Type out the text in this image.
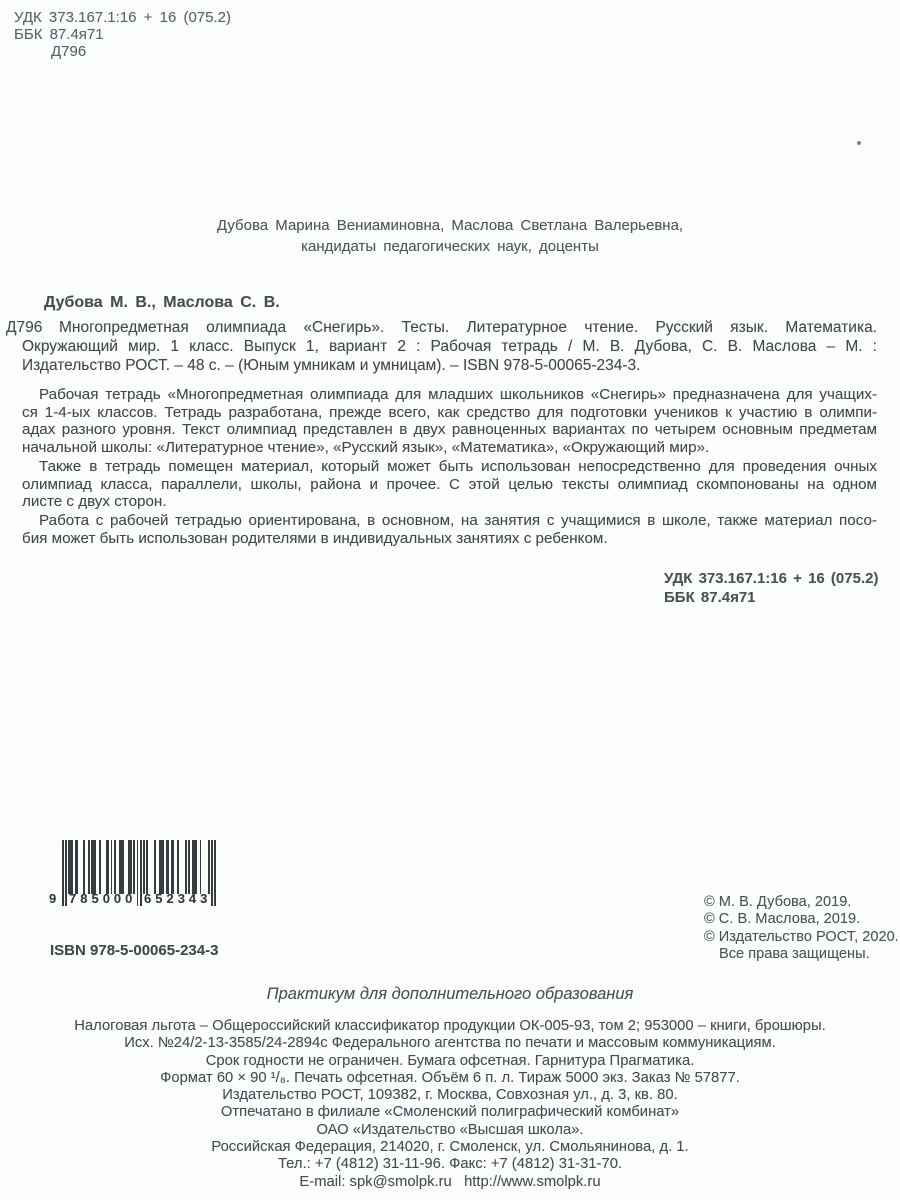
УДК 373.167.1:16 + 16 (075.2)
ББК 87.4я71
Д796
Дубова Марина Вениаминовна, Маслова Светлана Валерьевна,
кандидаты педагогических наук, доценты
Дубова М. В., Маслова С. В.
Д796	Многопредметная олимпиада «Снегирь». Тесты. Литературное чтение. Русский язык. Математика.
Окружающий мир. 1 класс. Выпуск 1, вариант 2 : Рабочая тетрадь / М. В. Дубова, С. В. Маслова – М. :
Издательство РОСТ. – 48 с. – (Юным умникам и умницам). – ISBN 978-5-00065-234-3.
Рабочая тетрадь «Многопредметная олимпиада для младших школьников «Снегирь» предназначена для учащих-
ся 1-4-ых классов. Тетрадь разработана, прежде всего, как средство для подготовки учеников к участию в олимпи-
адах разного уровня. Текст олимпиад представлен в двух равноценных вариантах по четырем основным предметам
начальной школы: «Литературное чтение», «Русский язык», «Математика», «Окружающий мир».
Также в тетрадь помещен материал, который может быть использован непосредственно для проведения очных
олимпиад класса, параллели, школы, района и прочее. С этой целью тексты олимпиад скомпонованы на одном
листе с двух сторон.
Работа с рабочей тетрадью ориентирована, в основном, на занятия с учащимися в школе, также материал посо-
бия может быть использован родителями в индивидуальных занятиях с ребенком.
УДК 373.167.1:16 + 16 (075.2)
ББК 87.4я71
9 785000 652343
ISBN 978-5-00065-234-3
© М. В. Дубова, 2019.
© С. В. Маслова, 2019.
© Издательство РОСТ, 2020.
Все права защищены.
Практикум для дополнительного образования
Налоговая льгота – Общероссийский классификатор продукции ОК-005-93, том 2; 953000 – книги, брошюры.
Исх. №24/2-13-3585/24-2894с Федерального агентства по печати и массовым коммуникациям.
Срок годности не ограничен. Бумага офсетная. Гарнитура Прагматика.
Формат 60 × 90 ¹/₈. Печать офсетная. Объём 6 п. л. Тираж 5000 экз. Заказ № 57877.
Издательство РОСТ, 109382, г. Москва, Совхозная ул., д. 3, кв. 80.
Отпечатано в филиале «Смоленский полиграфический комбинат»
ОАО «Издательство «Высшая школа».
Российская Федерация, 214020, г. Смоленск, ул. Смольянинова, д. 1.
Тел.: +7 (4812) 31-11-96. Факс: +7 (4812) 31-31-70.
E-mail: spk@smolpk.ru   http://www.smolpk.ru
